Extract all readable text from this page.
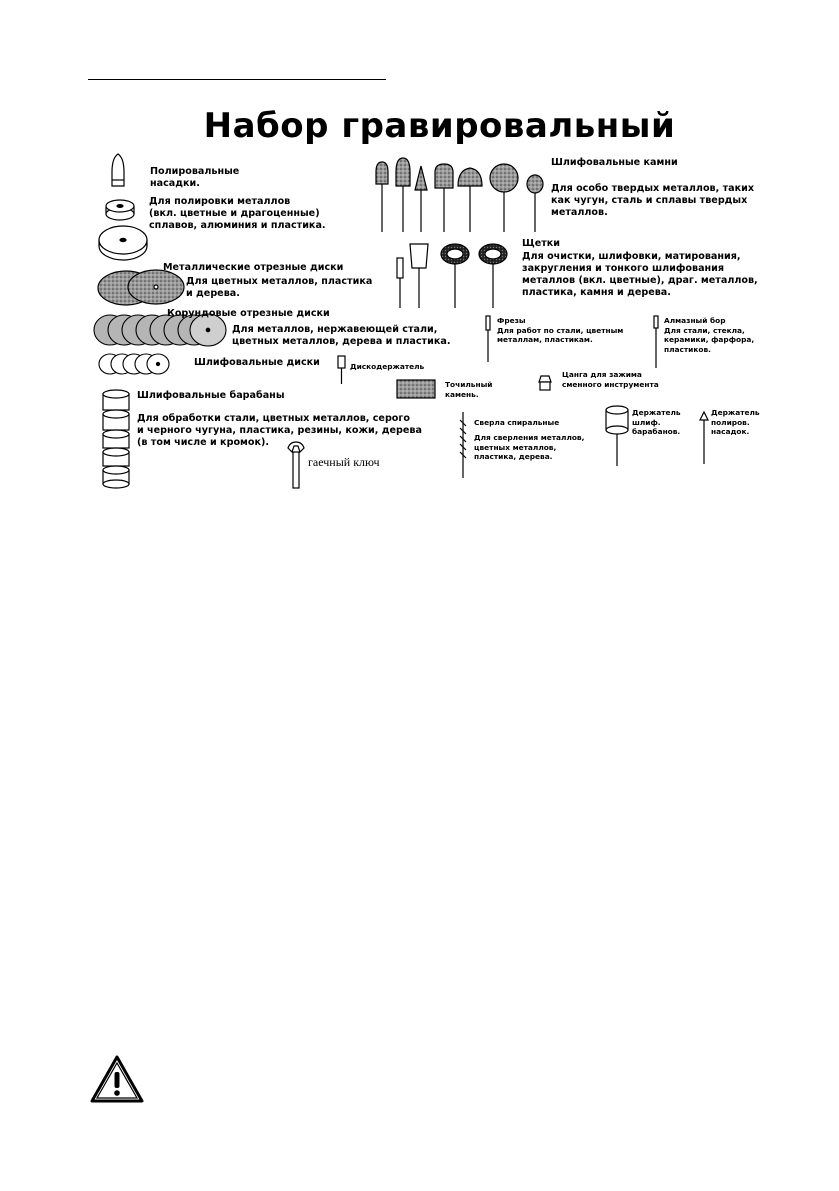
Набор гравировальный
Полировальные
насадки.
Для полировки металлов
(вкл. цветные и драгоценные)
сплавов, алюминия и пластика.
Металлические отрезные диски
Для цветных металлов, пластика
и дерева.
Корундовые отрезные диски
Для металлов, нержавеющей стали,
цветных металлов, дерева и пластика.
Шлифовальные диски	Дискодержатель
Шлифовальные барабаны
Для обработки стали, цветных металлов, серого
и черного чугуна, пластика, резины, кожи, дерева
(в том числе и кромок).
гаечный ключ
Шлифовальные камни
Для особо твердых металлов, таких
как чугун, сталь и сплавы твердых
металлов.
Щетки
Для очистки, шлифовки, матирования,
закругления и тонкого шлифования
металлов (вкл. цветные), драг. металлов,
пластика, камня и дерева.
Фрезы
Для работ по стали, цветным
металлам, пластикам.
Алмазный бор
Для стали, стекла,
керамики, фарфора,
пластиков.
Цанга для зажима
сменного инструмента
Точильный
камень.
Сверла спиральные
Для сверления металлов,
цветных металлов,
пластика, дерева.
Держатель
шлиф.
барабанов.
Держатель
полиров.
насадок.
